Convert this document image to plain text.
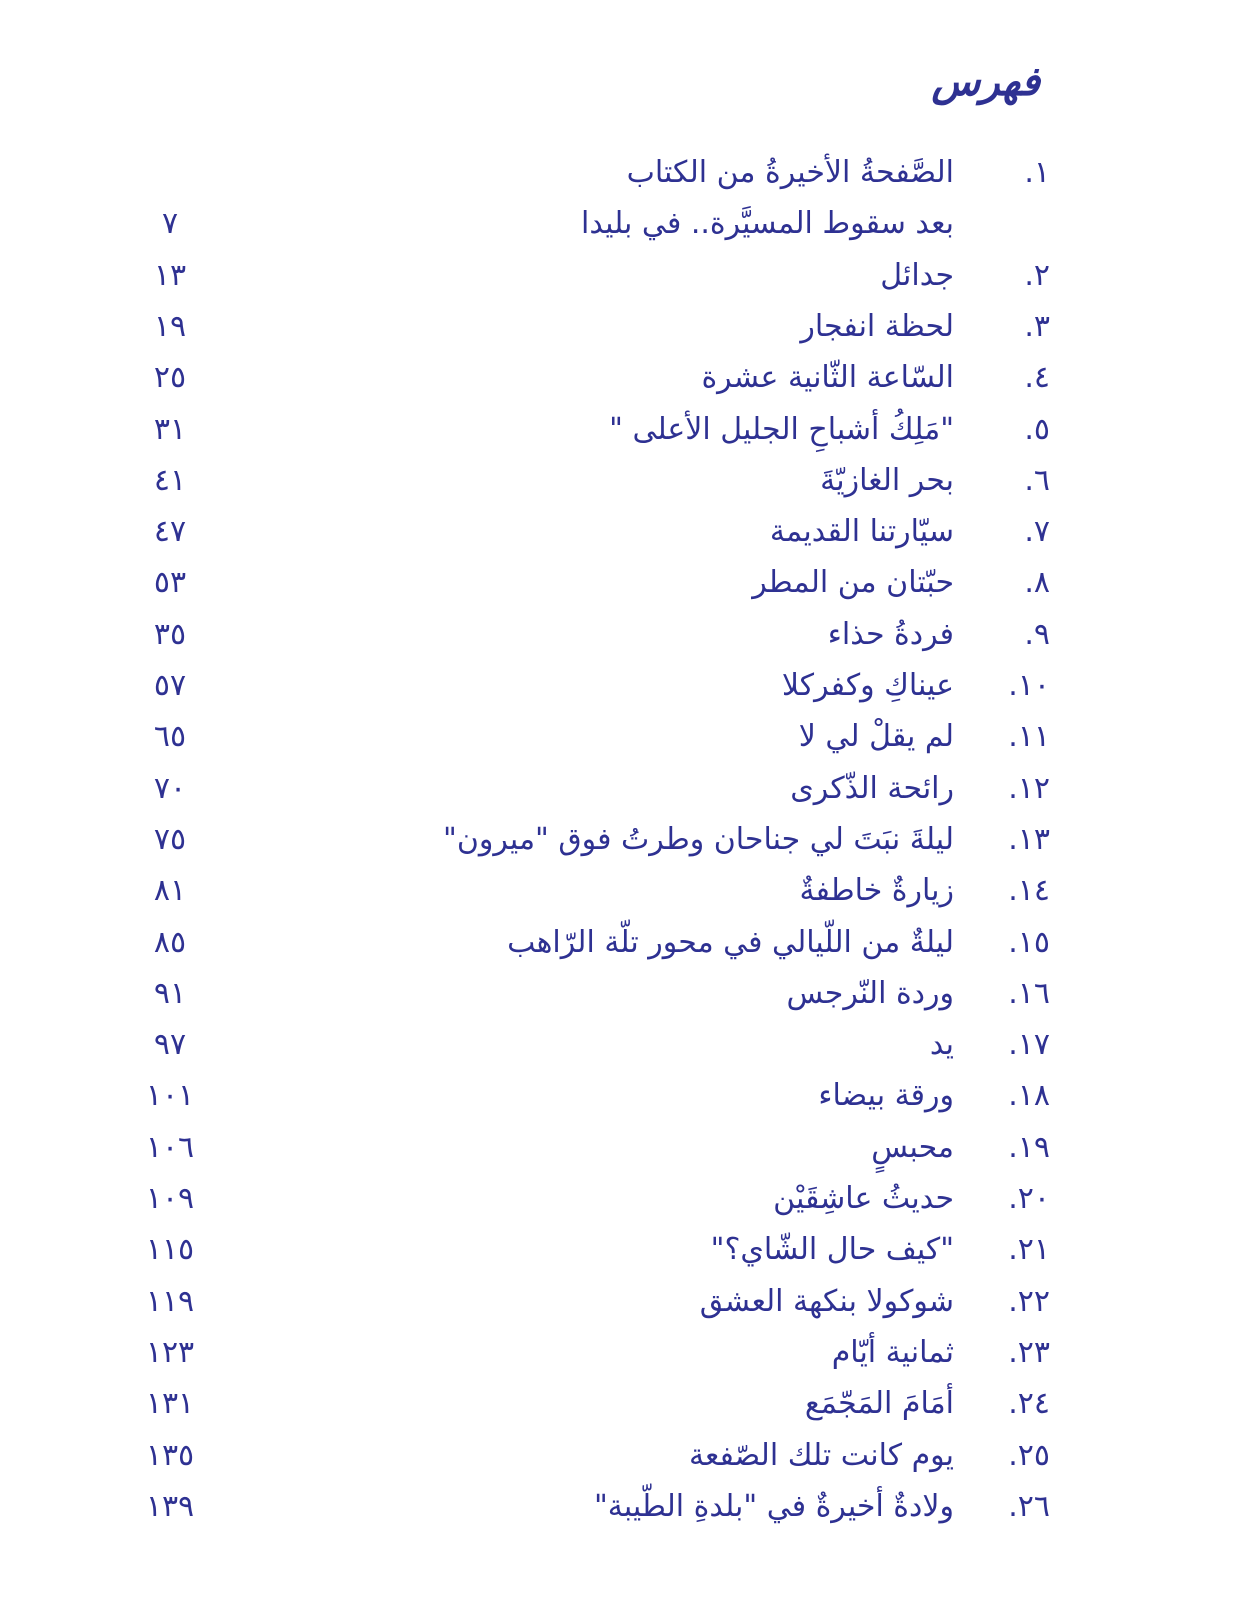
فهرس
١.
الصَّفحةُ الأخيرةُ من الكتاب
بعد سقوط المسيَّرة.. في بليدا
٧
٢.
جدائل
١٣
٣.
لحظة انفجار
١٩
٤.
السّاعة الثّانية عشرة
٢٥
٥.
"مَلِكُ أشباحِ الجليل الأعلى "
٣١
٦.
بحر الغازيّةَ
٤١
٧.
سيّارتنا القديمة
٤٧
٨.
حبّتان من المطر
٥٣
٩.
فردةُ حذاء
٣٥
١٠.
عيناكِ وكفركلا
٥٧
١١.
لم يقلْ لي لا
٦٥
١٢.
رائحة الذّكرى
٧٠
١٣.
ليلةَ نبَتَ لي جناحان وطرتُ فوق "ميرون"
٧٥
١٤.
زيارةٌ خاطفةٌ
٨١
١٥.
ليلةٌ من اللّيالي في محور تلّة الرّاهب
٨٥
١٦.
وردة النّرجس
٩١
١٧.
يد
٩٧
١٨.
ورقة بيضاء
١٠١
١٩.
محبسٍ
١٠٦
٢٠.
حديثُ عاشِقَيْن
١٠٩
٢١.
"كيف حال الشّاي؟"
١١٥
٢٢.
شوكولا بنكهة العشق
١١٩
٢٣.
ثمانية أيّام
١٢٣
٢٤.
أمَامَ المَجّمَع
١٣١
٢٥.
يوم كانت تلك الصّفعة
١٣٥
٢٦.
ولادةٌ أخيرةٌ في "بلدةِ الطّيبة"
١٣٩
